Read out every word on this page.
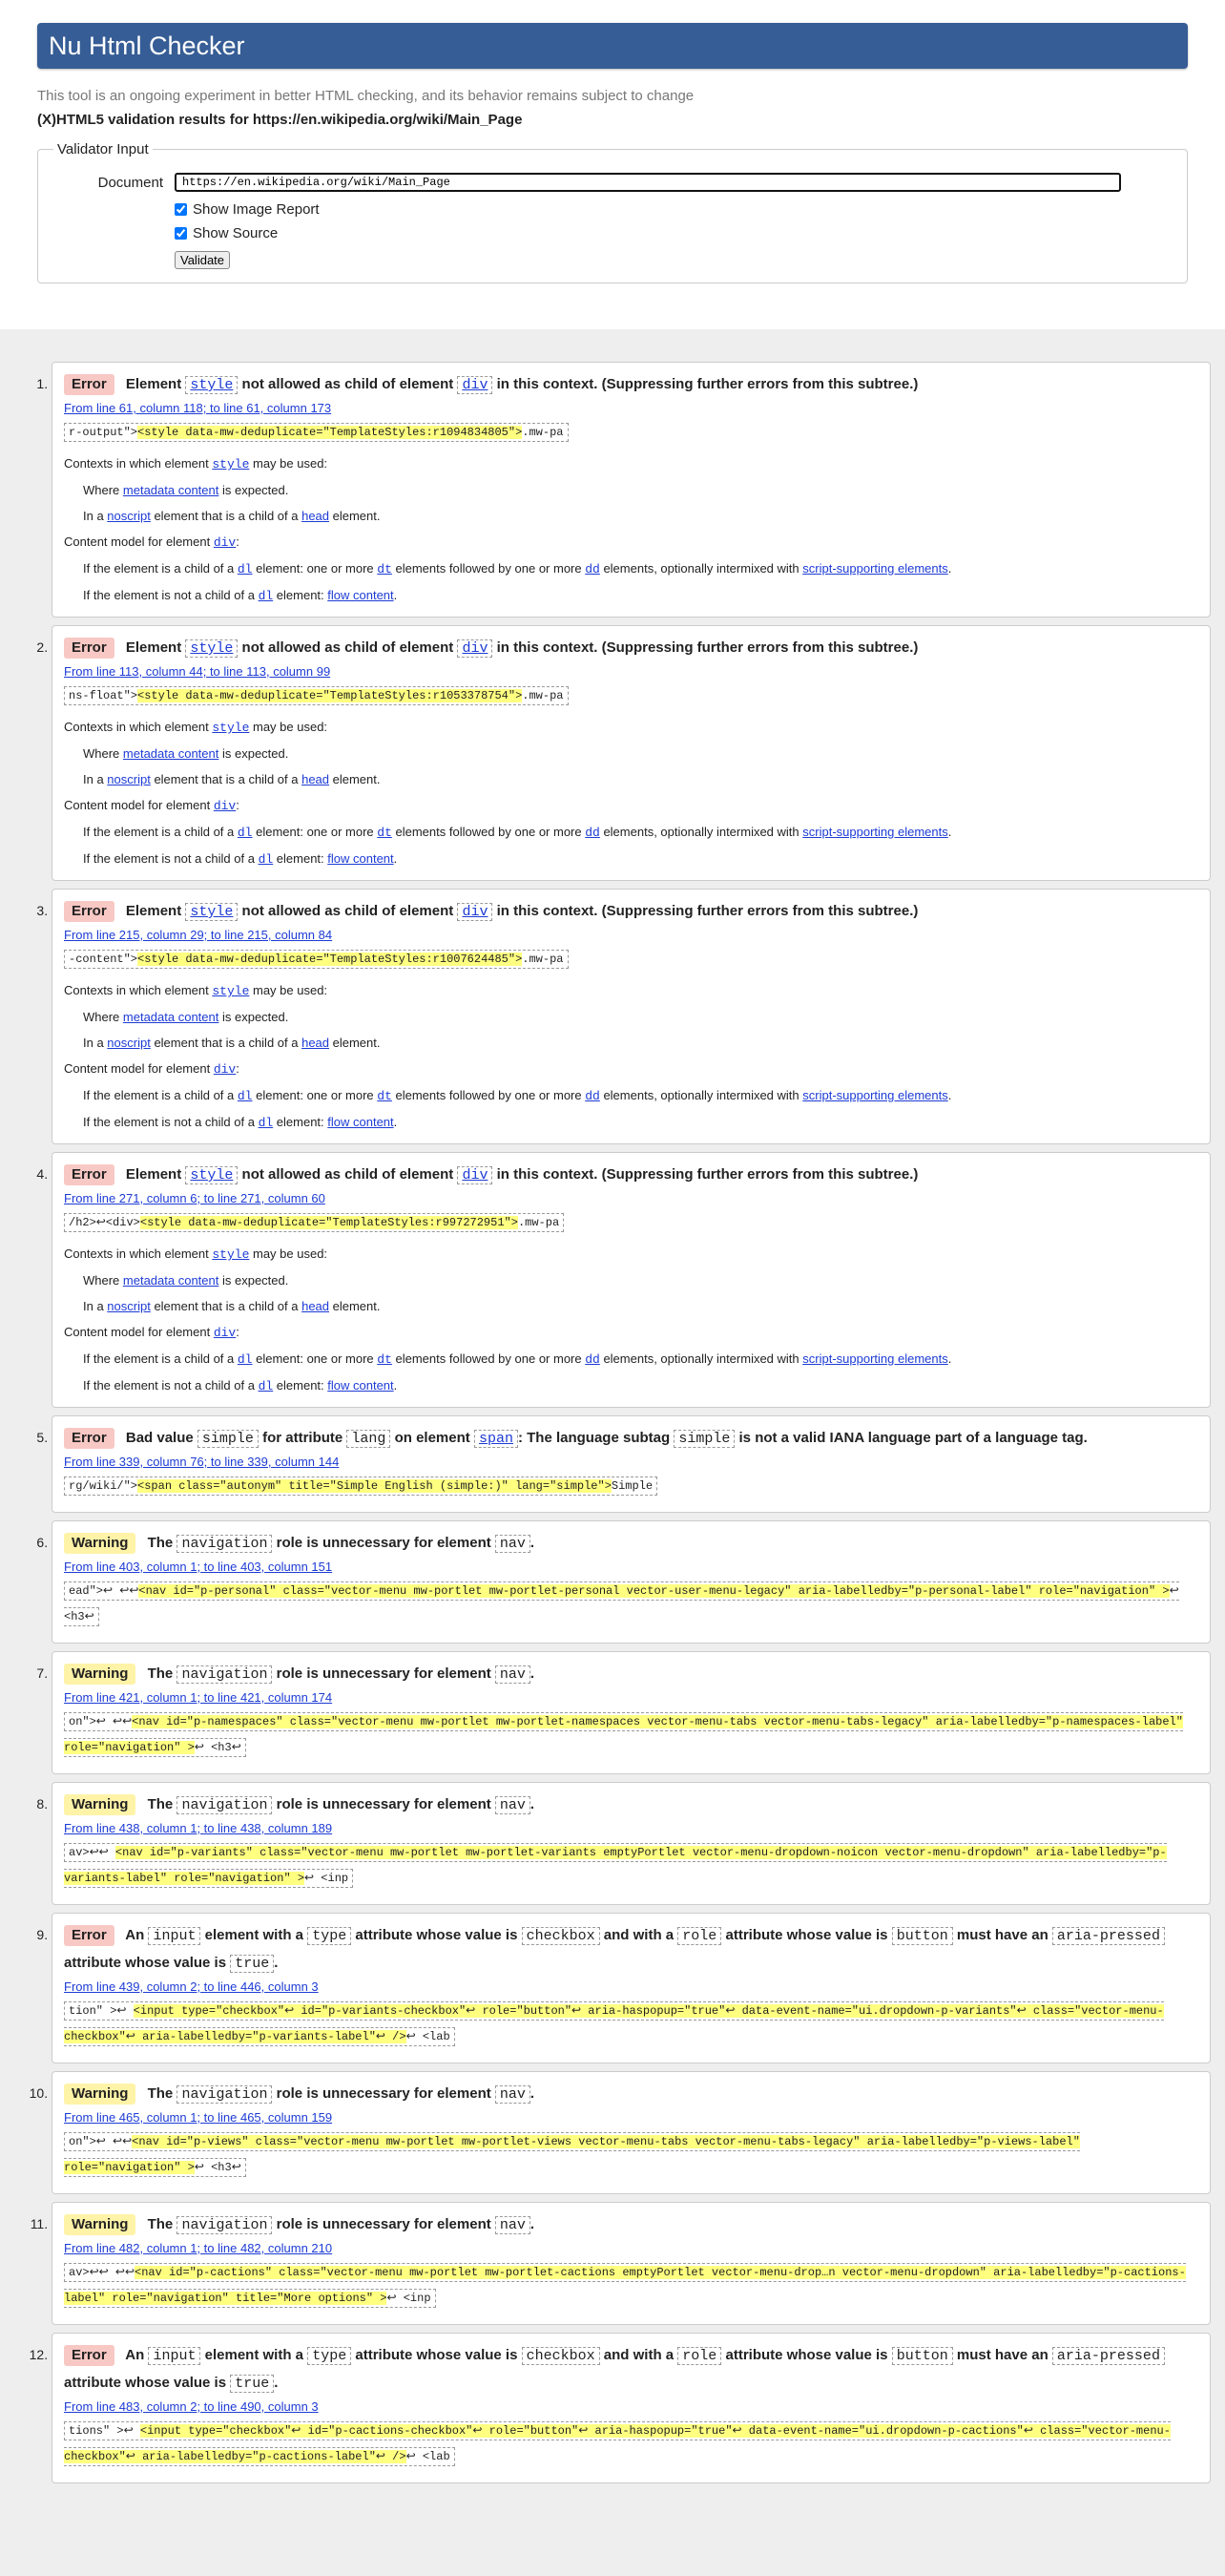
Nu Html Checker
This tool is an ongoing experiment in better HTML checking, and its behavior remains subject to change
(X)HTML5 validation results for https://en.wikipedia.org/wiki/Main_Page
Validator Input
Document
https://en.wikipedia.org/wiki/Main_Page
Show Image Report
Show Source
Validate
1. Error Element style not allowed as child of element div in this context. (Suppressing further errors from this subtree.)
From line 61, column 118; to line 61, column 173
r-output"><style data-mw-deduplicate="TemplateStyles:r1094834805">.mw-pa
Contexts in which element style may be used:
Where metadata content is expected.
In a noscript element that is a child of a head element.
Content model for element div:
If the element is a child of a dl element: one or more dt elements followed by one or more dd elements, optionally intermixed with script-supporting elements.
If the element is not a child of a dl element: flow content.
2. Error Element style not allowed as child of element div in this context. (Suppressing further errors from this subtree.)
From line 113, column 44; to line 113, column 99
ns-float"><style data-mw-deduplicate="TemplateStyles:r1053378754">.mw-pa
Contexts in which element style may be used:
Where metadata content is expected.
In a noscript element that is a child of a head element.
Content model for element div:
If the element is a child of a dl element: one or more dt elements followed by one or more dd elements, optionally intermixed with script-supporting elements.
If the element is not a child of a dl element: flow content.
3. Error Element style not allowed as child of element div in this context. (Suppressing further errors from this subtree.)
From line 215, column 29; to line 215, column 84
-content"><style data-mw-deduplicate="TemplateStyles:r1007624485">.mw-pa
Contexts in which element style may be used:
Where metadata content is expected.
In a noscript element that is a child of a head element.
Content model for element div:
If the element is a child of a dl element: one or more dt elements followed by one or more dd elements, optionally intermixed with script-supporting elements.
If the element is not a child of a dl element: flow content.
4. Error Element style not allowed as child of element div in this context. (Suppressing further errors from this subtree.)
From line 271, column 6; to line 271, column 60
/h2>↩<div><style data-mw-deduplicate="TemplateStyles:r997272951">.mw-pa
Contexts in which element style may be used:
Where metadata content is expected.
In a noscript element that is a child of a head element.
Content model for element div:
If the element is a child of a dl element: one or more dt elements followed by one or more dd elements, optionally intermixed with script-supporting elements.
If the element is not a child of a dl element: flow content.
5. Error Bad value simple for attribute lang on element span : The language subtag simple is not a valid IANA language part of a language tag.
From line 339, column 76; to line 339, column 144
rg/wiki/"><span class="autonym" title="Simple English (simple:)" lang="simple">Simple
6. Warning The navigation role is unnecessary for element nav .
From line 403, column 1; to line 403, column 151
ead">↩ ↩↩<nav id="p-personal" class="vector-menu mw-portlet mw-portlet-personal vector-user-menu-legacy" aria-labelledby="p-personal-label" role="navigation" >↩ <h3↩
7. Warning The navigation role is unnecessary for element nav .
From line 421, column 1; to line 421, column 174
on">↩ ↩↩<nav id="p-namespaces" class="vector-menu mw-portlet mw-portlet-namespaces vector-menu-tabs vector-menu-tabs-legacy" aria-labelledby="p-namespaces-label" role="navigation" >↩ <h3↩
8. Warning The navigation role is unnecessary for element nav .
From line 438, column 1; to line 438, column 189
av>↩↩ <nav id="p-variants" class="vector-menu mw-portlet mw-portlet-variants emptyPortlet vector-menu-dropdown-noicon vector-menu-dropdown" aria-labelledby="p-variants-label" role="navigation" >↩ <inp
9. Error An input element with a type attribute whose value is checkbox and with a role attribute whose value is button must have an aria-pressed attribute whose value is true .
From line 439, column 2; to line 446, column 3
tion" >↩ <input type="checkbox"↩ id="p-variants-checkbox"↩ role="button"↩ aria-haspopup="true"↩ data-event-name="ui.dropdown-p-variants"↩ class="vector-menu-checkbox"↩ aria-labelledby="p-variants-label"↩ />↩ <lab
10. Warning The navigation role is unnecessary for element nav .
From line 465, column 1; to line 465, column 159
on">↩ ↩↩<nav id="p-views" class="vector-menu mw-portlet mw-portlet-views vector-menu-tabs vector-menu-tabs-legacy" aria-labelledby="p-views-label" role="navigation" >↩ <h3↩
11. Warning The navigation role is unnecessary for element nav .
From line 482, column 1; to line 482, column 210
av>↩↩ ↩↩<nav id="p-cactions" class="vector-menu mw-portlet mw-portlet-cactions emptyPortlet vector-menu-drop…n vector-menu-dropdown" aria-labelledby="p-cactions-label" role="navigation" title="More options" >↩ <inp
12. Error An input element with a type attribute whose value is checkbox and with a role attribute whose value is button must have an aria-pressed attribute whose value is true .
From line 483, column 2; to line 490, column 3
tions" >↩ <input type="checkbox"↩ id="p-cactions-checkbox"↩ role="button"↩ aria-haspopup="true"↩ data-event-name="ui.dropdown-p-cactions"↩ class="vector-menu-checkbox"↩ aria-labelledby="p-cactions-label"↩ />↩ <lab
